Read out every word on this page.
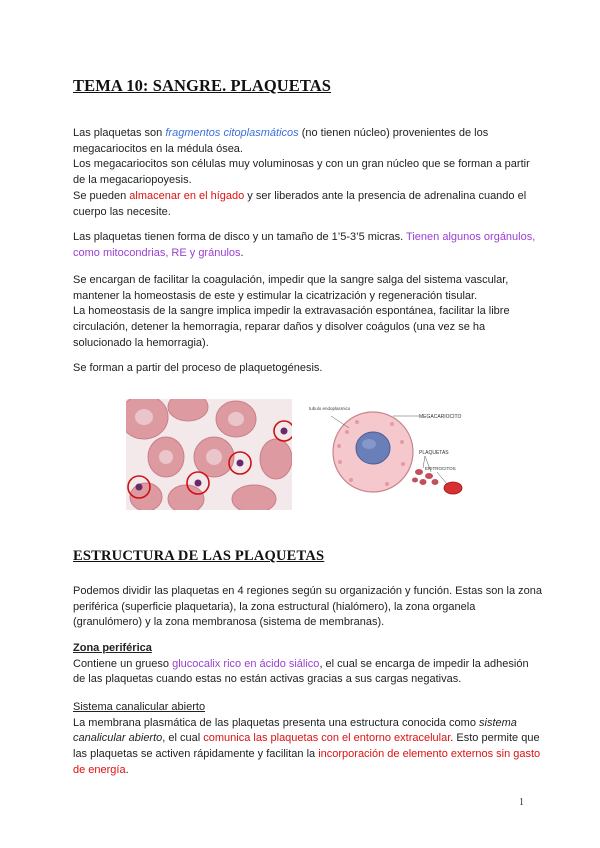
TEMA 10: SANGRE. PLAQUETAS
Las plaquetas son fragmentos citoplasmáticos (no tienen núcleo) provenientes de los megacariocitos en la médula ósea.
Los megacariocitos son células muy voluminosas y con un gran núcleo que se forman a partir de la megacariopoyesis.
Se pueden almacenar en el hígado y ser liberados ante la presencia de adrenalina cuando el cuerpo las necesite.
Las plaquetas tienen forma de disco y un tamaño de 1’5-3’5 micras. Tienen algunos orgánulos, como mitocondrias, RE y gránulos.
Se encargan de facilitar la coagulación, impedir que la sangre salga del sistema vascular, mantener la homeostasis de este y estimular la cicatrización y regeneración tisular.
La homeostasis de la sangre implica impedir la extravasación espontánea, facilitar la libre circulación, detener la hemorragia, reparar daños y disolver coágulos (una vez se ha solucionado la hemorragia).
Se forman a partir del proceso de plaquetogénesis.
tubulo endoplasmico
MEGACARIOCITO
PLAQUETAS
ERITROCITOS
ESTRUCTURA DE LAS PLAQUETAS
Podemos dividir las plaquetas en 4 regiones según su organización y función. Estas son la zona periférica (superficie plaquetaria), la zona estructural (hialómero), la zona organela (granulómero) y la zona membranosa (sistema de membranas).
Zona periférica
Contiene un grueso glucocalix rico en ácido siálico, el cual se encarga de impedir la adhesión de las plaquetas cuando estas no están activas gracias a sus cargas negativas.
Sistema canalicular abierto
La membrana plasmática de las plaquetas presenta una estructura conocida como sistema canalicular abierto, el cual comunica las plaquetas con el entorno extracelular. Esto permite que las plaquetas se activen rápidamente y facilitan la incorporación de elemento externos sin gasto de energía.
1
